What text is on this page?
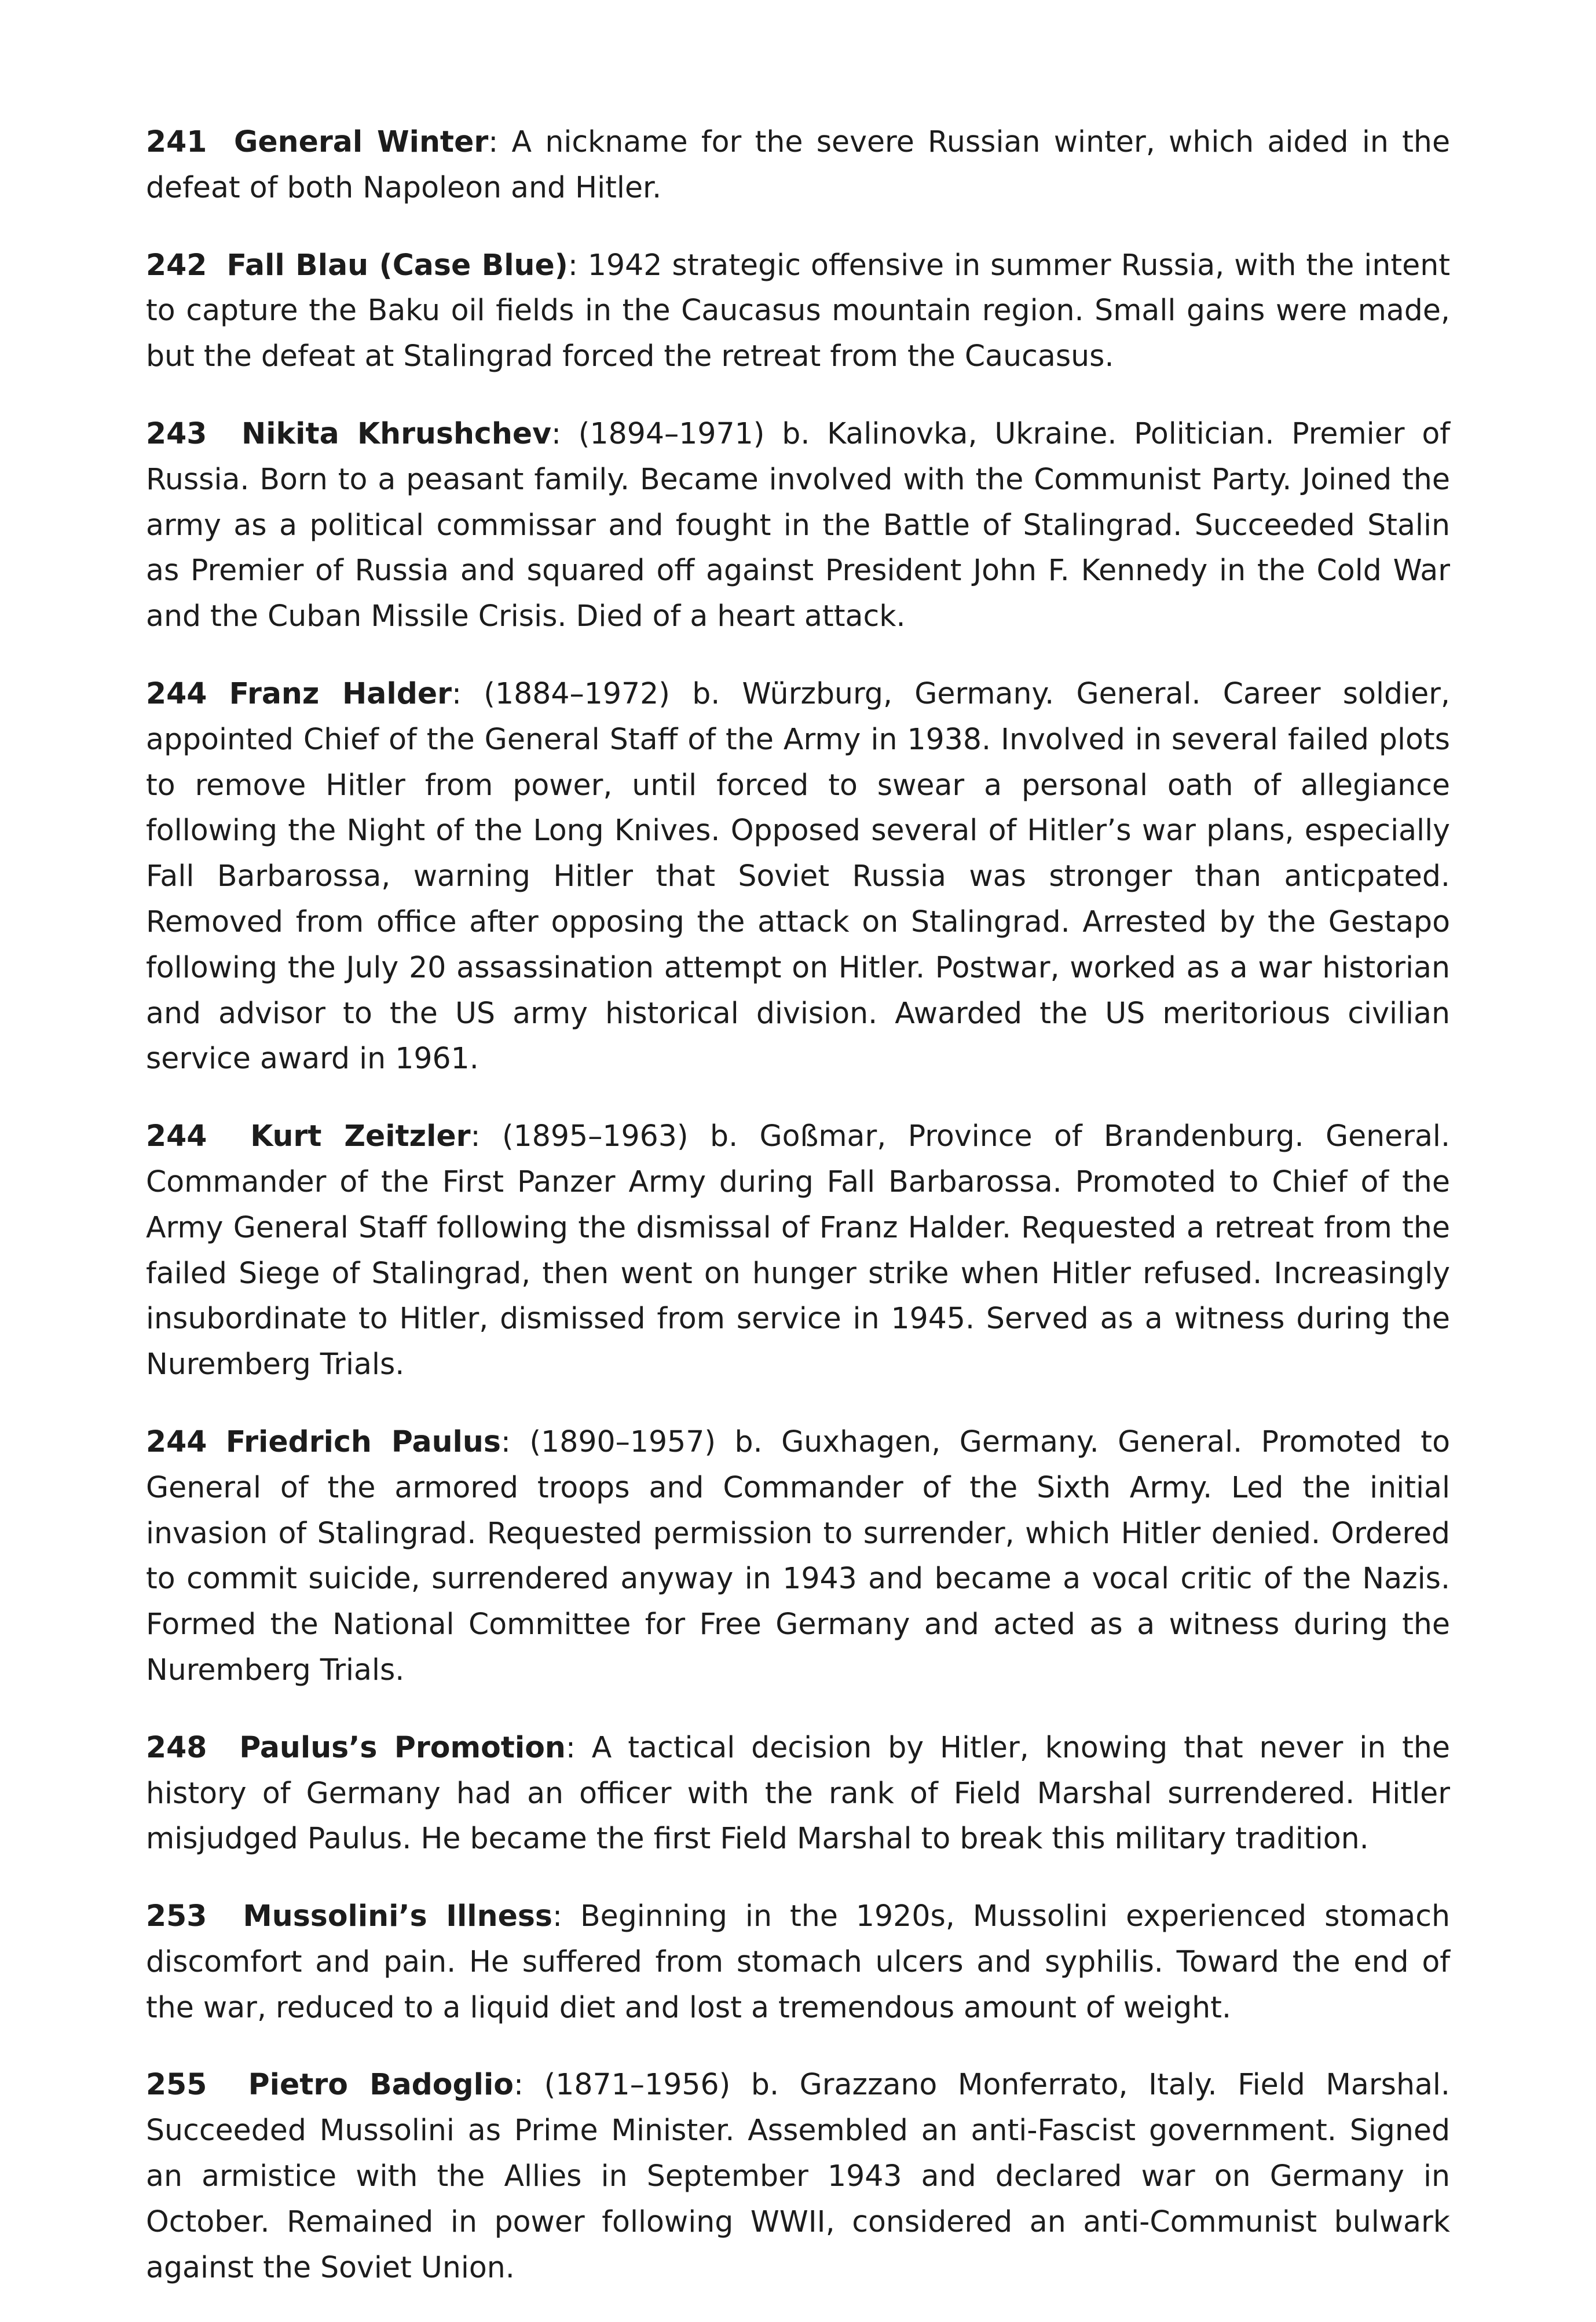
241 General Winter: A nickname for the severe Russian winter, which aided in the defeat of both Napoleon and Hitler.

242 Fall Blau (Case Blue): 1942 strategic offensive in summer Russia, with the intent to capture the Baku oil fields in the Caucasus mountain region. Small gains were made, but the defeat at Stalingrad forced the retreat from the Caucasus.

243 Nikita Khrushchev: (1894–1971) b. Kalinovka, Ukraine. Politician. Premier of Russia. Born to a peasant family. Became involved with the Communist Party. Joined the army as a political commissar and fought in the Battle of Stalingrad. Succeeded Stalin as Premier of Russia and squared off against President John F. Kennedy in the Cold War and the Cuban Missile Crisis. Died of a heart attack.

244 Franz Halder: (1884–1972) b. Würzburg, Germany. General. Career soldier, appointed Chief of the General Staff of the Army in 1938. Involved in several failed plots to remove Hitler from power, until forced to swear a personal oath of allegiance following the Night of the Long Knives. Opposed several of Hitler’s war plans, especially Fall Barbarossa, warning Hitler that Soviet Russia was stronger than anticpated. Removed from office after opposing the attack on Stalingrad. Arrested by the Gestapo following the July 20 assassination attempt on Hitler. Postwar, worked as a war historian and advisor to the US army historical division. Awarded the US meritorious civilian service award in 1961.

244 Kurt Zeitzler: (1895–1963) b. Goßmar, Province of Brandenburg. General. Commander of the First Panzer Army during Fall Barbarossa. Promoted to Chief of the Army General Staff following the dismissal of Franz Halder. Requested a retreat from the failed Siege of Stalingrad, then went on hunger strike when Hitler refused. Increasingly insubordinate to Hitler, dismissed from service in 1945. Served as a witness during the Nuremberg Trials.

244 Friedrich Paulus: (1890–1957) b. Guxhagen, Germany. General. Promoted to General of the armored troops and Commander of the Sixth Army. Led the initial invasion of Stalingrad. Requested permission to surrender, which Hitler denied. Ordered to commit suicide, surrendered anyway in 1943 and became a vocal critic of the Nazis. Formed the National Committee for Free Germany and acted as a witness during the Nuremberg Trials.

248 Paulus’s Promotion: A tactical decision by Hitler, knowing that never in the history of Germany had an officer with the rank of Field Marshal surrendered. Hitler misjudged Paulus. He became the first Field Marshal to break this military tradition.

253 Mussolini’s Illness: Beginning in the 1920s, Mussolini experienced stomach discomfort and pain. He suffered from stomach ulcers and syphilis. Toward the end of the war, reduced to a liquid diet and lost a tremendous amount of weight.

255 Pietro Badoglio: (1871–1956) b. Grazzano Monferrato, Italy. Field Marshal. Succeeded Mussolini as Prime Minister. Assembled an anti-Fascist government. Signed an armistice with the Allies in September 1943 and declared war on Germany in October. Remained in power following WWII, considered an anti-Communist bulwark against the Soviet Union.
